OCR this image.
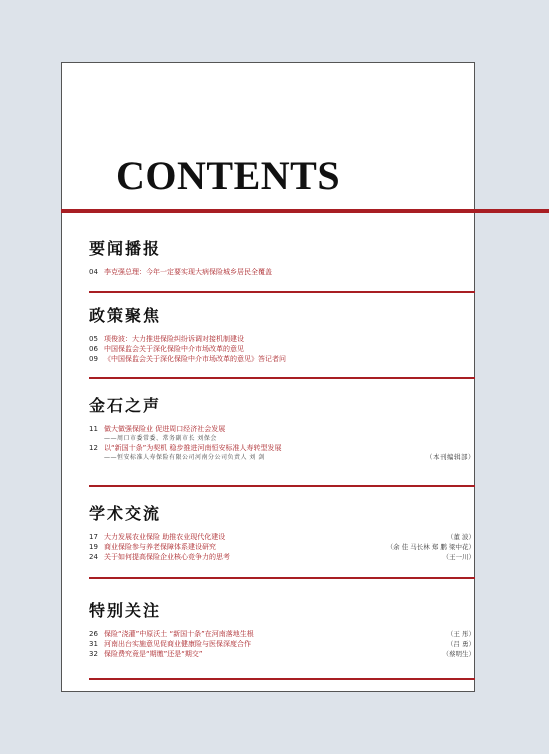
CONTENTS
要闻播报
04 李克强总理：今年一定要实现大病保险城乡居民全覆盖
政策聚焦
05 项俊波：大力推进保险纠纷诉调对接机制建设
06 中国保监会关于深化保险中介市场改革的意见
09 《中国保监会关于深化保险中介市场改革的意见》答记者问
金石之声
11 做大做强保险业 促进周口经济社会发展
——周口市委常委、常务副市长 刘保会
12 以“新国十条”为契机 稳步推进河南恒安标准人寿转型发展
——恒安标准人寿保险有限公司河南分公司负责人 刘 剑	（本刊编辑部）
学术交流
17 大力发展农业保险 助推农业现代化建设	（董 波）
19 商业保险参与养老保障体系建设研究	（余 佳 马长林 郑 鹏 梁中花）
24 关于如何提高保险企业核心竞争力的思考	（王一川）
特别关注
26 保险“浇灌”中原沃土 “新国十条”在河南落地生根	（王 彤）
31 河南出台实施意见促商业健康险与医保深度合作	（吕 勇）
32 保险费究竟是“期缴”还是“期交”	（蔡明生）
